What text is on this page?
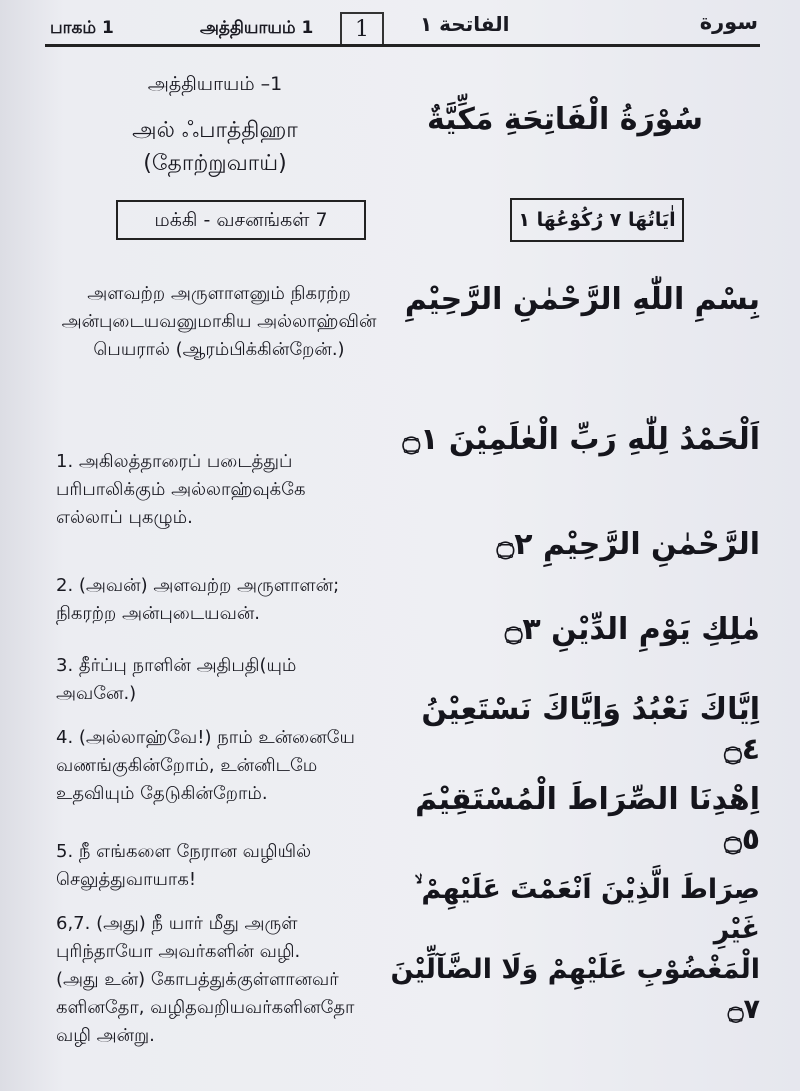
பாகம் 1	அத்தியாயம் 1	1	الفاتحة ١	سورة
அத்தியாயம் –1
அல் ஃபாத்திஹா
(தோற்றுவாய்)
மக்கி - வசனங்கள் 7
அளவற்ற அருளாளனும் நிகரற்ற
அன்புடையவனுமாகிய அல்லாஹ்வின்
பெயரால் (ஆரம்பிக்கின்றேன்.)
1. அகிலத்தாரைப் படைத்துப்
பரிபாலிக்கும் அல்லாஹ்வுக்கே
எல்லாப் புகழும்.
2. (அவன்) அளவற்ற அருளாளன்;
நிகரற்ற அன்புடையவன்.
3. தீர்ப்பு நாளின் அதிபதி(யும்
அவனே.)
4. (அல்லாஹ்வே!) நாம் உன்னையே
வணங்குகின்றோம், உன்னிடமே
உதவியும் தேடுகின்றோம்.
5. நீ எங்களை நேரான வழியில்
செலுத்துவாயாக!
6,7. (அது) நீ யார் மீது அருள்
புரிந்தாயோ அவர்களின் வழி.
(அது உன்) கோபத்துக்குள்ளானவர்
களினதோ, வழிதவறியவர்களினதோ
வழி அன்று.
سُوْرَةُ الْفَاتِحَةِ مَكِّيَّةٌ
اٰيَاتُهَا ٧ رُكُوْعُهَا ١
بِسْمِ اللّٰهِ الرَّحْمٰنِ الرَّحِيْمِ
اَلْحَمْدُ لِلّٰهِ رَبِّ الْعٰلَمِيْنَ ۝١
الرَّحْمٰنِ الرَّحِيْمِ ۝٢
مٰلِكِ يَوْمِ الدِّيْنِ ۝٣
اِيَّاكَ نَعْبُدُ وَاِيَّاكَ نَسْتَعِيْنُ ۝٤
اِهْدِنَا الصِّرَاطَ الْمُسْتَقِيْمَ ۝٥
صِرَاطَ الَّذِيْنَ اَنْعَمْتَ عَلَيْهِمْ ۙ غَيْرِ
الْمَغْضُوْبِ عَلَيْهِمْ وَلَا الضَّآلِّيْنَ ۝٧
